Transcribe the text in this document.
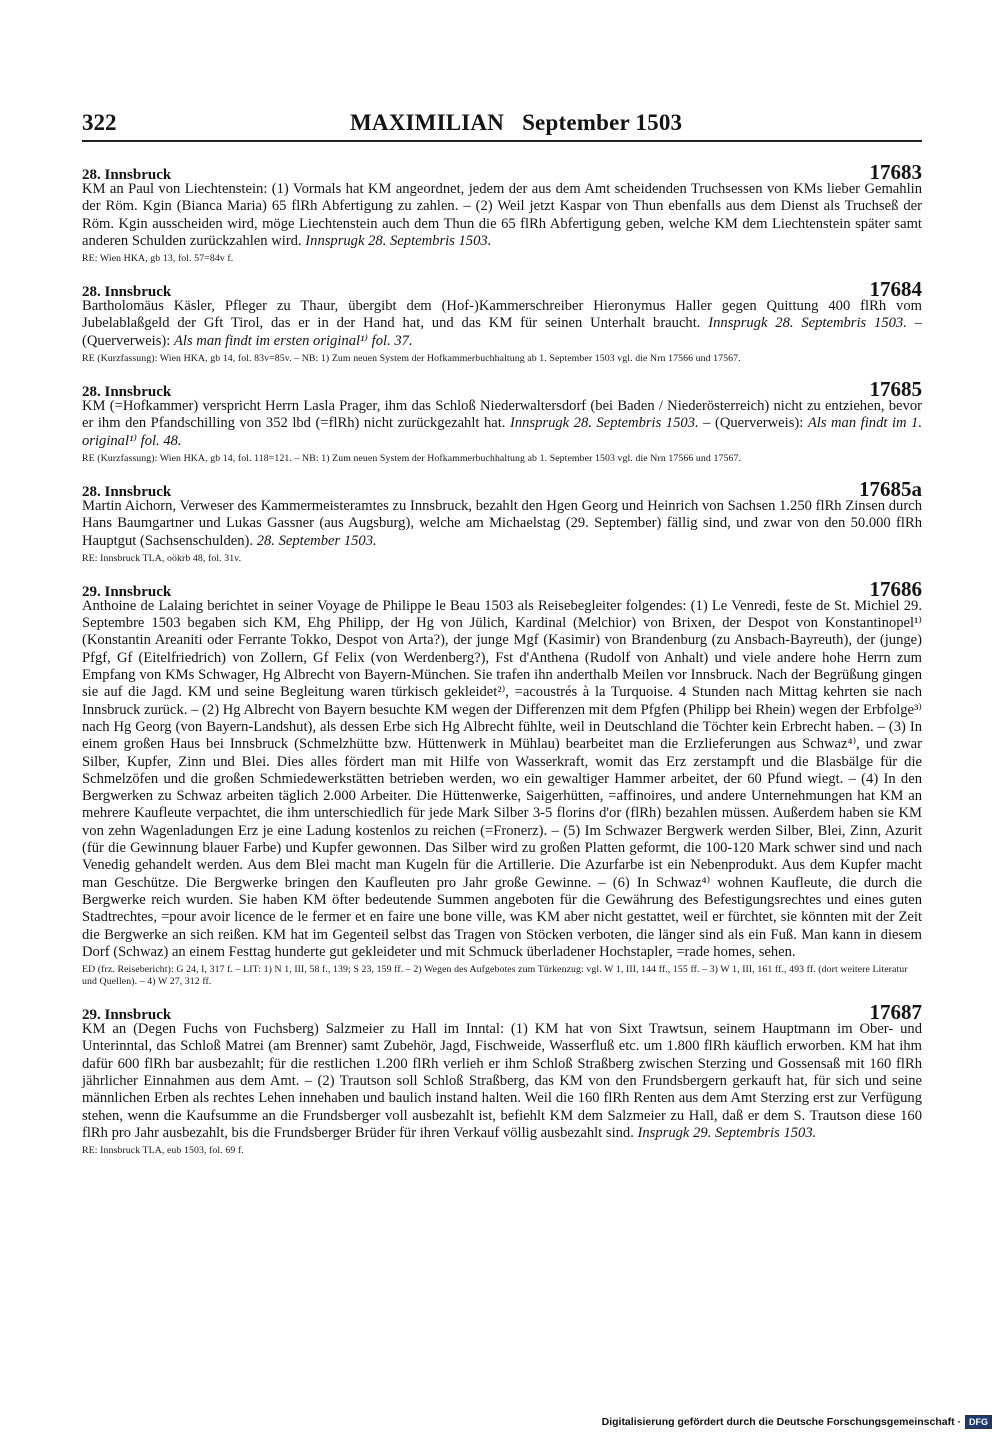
322	MAXIMILIAN September 1503
28. Innsbruck	17683

KM an Paul von Liechtenstein: (1) Vormals hat KM angeordnet, jedem der aus dem Amt scheidenden Truchsessen von KMs lieber Gemahlin der Röm. Kgin (Bianca Maria) 65 flRh Abfertigung zu zahlen. – (2) Weil jetzt Kaspar von Thun ebenfalls aus dem Dienst als Truchseß der Röm. Kgin ausscheiden wird, möge Liechtenstein auch dem Thun die 65 flRh Abfertigung geben, welche KM dem Liechtenstein später samt anderen Schulden zurückzahlen wird. Innsprugk 28. Septembris 1503.

RE: Wien HKA, gb 13, fol. 57=84v f.
28. Innsbruck	17684

Bartholomäus Käsler, Pfleger zu Thaur, übergibt dem (Hof-)Kammerschreiber Hieronymus Haller gegen Quittung 400 flRh vom Jubelablaßgeld der Gft Tirol, das er in der Hand hat, und das KM für seinen Unterhalt braucht. Innsprugk 28. Septembris 1503. – (Querverweis): Als man findt im ersten original¹⁾ fol. 37.

RE (Kurzfassung): Wien HKA, gb 14, fol. 83v=85v. – NB: 1) Zum neuen System der Hofkammerbuchhaltung ab 1. September 1503 vgl. die Nrn 17566 und 17567.
28. Innsbruck	17685

KM (=Hofkammer) verspricht Herrn Lasla Prager, ihm das Schloß Niederwaltersdorf (bei Baden / Niederösterreich) nicht zu entziehen, bevor er ihm den Pfandschilling von 352 lbd (=flRh) nicht zurückgezahlt hat. Innsprugk 28. Septembris 1503. – (Querverweis): Als man findt im 1. original¹⁾ fol. 48.

RE (Kurzfassung): Wien HKA, gb 14, fol. 118=121. – NB: 1) Zum neuen System der Hofkammerbuchhaltung ab 1. September 1503 vgl. die Nrn 17566 und 17567.
28. Innsbruck	17685a

Martin Aichorn, Verweser des Kammermeisteramtes zu Innsbruck, bezahlt den Hgen Georg und Heinrich von Sachsen 1.250 flRh Zinsen durch Hans Baumgartner und Lukas Gassner (aus Augsburg), welche am Michaelstag (29. September) fällig sind, und zwar von den 50.000 flRh Hauptgut (Sachsenschulden). 28. September 1503.

RE: Innsbruck TLA, oökrb 48, fol. 31v.
29. Innsbruck	17686

Anthoine de Lalaing berichtet in seiner Voyage de Philippe le Beau 1503 als Reisebegleiter folgendes: (1) Le Venredi, feste de St. Michiel 29. Septembre 1503 begaben sich KM, Ehg Philipp, der Hg von Jülich, Kardinal (Melchior) von Brixen, der Despot von Konstantinopel¹⁾ (Konstantin Areaniti oder Ferrante Tokko, Despot von Arta?), der junge Mgf (Kasimir) von Brandenburg (zu Ansbach-Bayreuth), der (junge) Pfgf, Gf (Eitelfriedrich) von Zollern, Gf Felix (von Werdenberg?), Fst d'Anthena (Rudolf von Anhalt) und viele andere hohe Herrn zum Empfang von KMs Schwager, Hg Albrecht von Bayern-München. Sie trafen ihn anderthalb Meilen vor Innsbruck. Nach der Begrüßung gingen sie auf die Jagd. KM und seine Begleitung waren türkisch gekleidet²⁾, =acoustrés à la Turquoise. 4 Stunden nach Mittag kehrten sie nach Innsbruck zurück. – (2) Hg Albrecht von Bayern besuchte KM wegen der Differenzen mit dem Pfgfen (Philipp bei Rhein) wegen der Erbfolge³⁾ nach Hg Georg (von Bayern-Landshut), als dessen Erbe sich Hg Albrecht fühlte, weil in Deutschland die Töchter kein Erbrecht haben. – (3) In einem großen Haus bei Innsbruck (Schmelzhütte bzw. Hüttenwerk in Mühlau) bearbeitet man die Erzlieferungen aus Schwaz⁴⁾, und zwar Silber, Kupfer, Zinn und Blei. Dies alles fördert man mit Hilfe von Wasserkraft, womit das Erz zerstampft und die Blasbälge für die Schmelzöfen und die großen Schmiedewerkstätten betrieben werden, wo ein gewaltiger Hammer arbeitet, der 60 Pfund wiegt. – (4) In den Bergwerken zu Schwaz arbeiten täglich 2.000 Arbeiter. Die Hüttenwerke, Saigerhütten, =affinoires, und andere Unternehmungen hat KM an mehrere Kaufleute verpachtet, die ihm unterschiedlich für jede Mark Silber 3-5 florins d'or (flRh) bezahlen müssen. Außerdem haben sie KM von zehn Wagenladungen Erz je eine Ladung kostenlos zu reichen (=Fronerz). – (5) Im Schwazer Bergwerk werden Silber, Blei, Zinn, Azurit (für die Gewinnung blauer Farbe) und Kupfer gewonnen. Das Silber wird zu großen Platten geformt, die 100-120 Mark schwer sind und nach Venedig gehandelt werden. Aus dem Blei macht man Kugeln für die Artillerie. Die Azurfarbe ist ein Nebenprodukt. Aus dem Kupfer macht man Geschütze. Die Bergwerke bringen den Kaufleuten pro Jahr große Gewinne. – (6) In Schwaz⁴⁾ wohnen Kaufleute, die durch die Bergwerke reich wurden. Sie haben KM öfter bedeutende Summen angeboten für die Gewährung des Befestigungsrechtes und eines guten Stadtrechtes, =pour avoir licence de le fermer et en faire une bone ville, was KM aber nicht gestattet, weil er fürchtet, sie könnten mit der Zeit die Bergwerke an sich reißen. KM hat im Gegenteil selbst das Tragen von Stöcken verboten, die länger sind als ein Fuß. Man kann in diesem Dorf (Schwaz) an einem Festtag hunderte gut gekleideter und mit Schmuck überladener Hochstapler, =rade homes, sehen.

ED (frz. Reisebericht): G 24, I, 317 f. – LIT: 1) N 1, III, 58 f., 139; S 23, 159 ff. – 2) Wegen des Aufgebotes zum Türkenzug: vgl. W 1, III, 144 ff., 155 ff. – 3) W 1, III, 161 ff., 493 ff. (dort weitere Literatur und Quellen). – 4) W 27, 312 ff.
29. Innsbruck	17687

KM an (Degen Fuchs von Fuchsberg) Salzmeier zu Hall im Inntal: (1) KM hat von Sixt Trawtsun, seinem Hauptmann im Ober- und Unterinntal, das Schloß Matrei (am Brenner) samt Zubehör, Jagd, Fischweide, Wasserfluß etc. um 1.800 flRh käuflich erworben. KM hat ihm dafür 600 flRh bar ausbezahlt; für die restlichen 1.200 flRh verlieh er ihm Schloß Straßberg zwischen Sterzing und Gossensaß mit 160 flRh jährlicher Einnahmen aus dem Amt. – (2) Trautson soll Schloß Straßberg, das KM von den Frundsbergern gerkauft hat, für sich und seine männlichen Erben als rechtes Lehen innehaben und baulich instand halten. Weil die 160 flRh Renten aus dem Amt Sterzing erst zur Verfügung stehen, wenn die Kaufsumme an die Frundsberger voll ausbezahlt ist, befiehlt KM dem Salzmeier zu Hall, daß er dem S. Trautson diese 160 flRh pro Jahr ausbezahlt, bis die Frundsberger Brüder für ihren Verkauf völlig ausbezahlt sind. Insprugk 29. Septembris 1503.

RE: Innsbruck TLA, eub 1503, fol. 69 f.
Digitalisierung gefördert durch die Deutsche Forschungsgemeinschaft · DFG
